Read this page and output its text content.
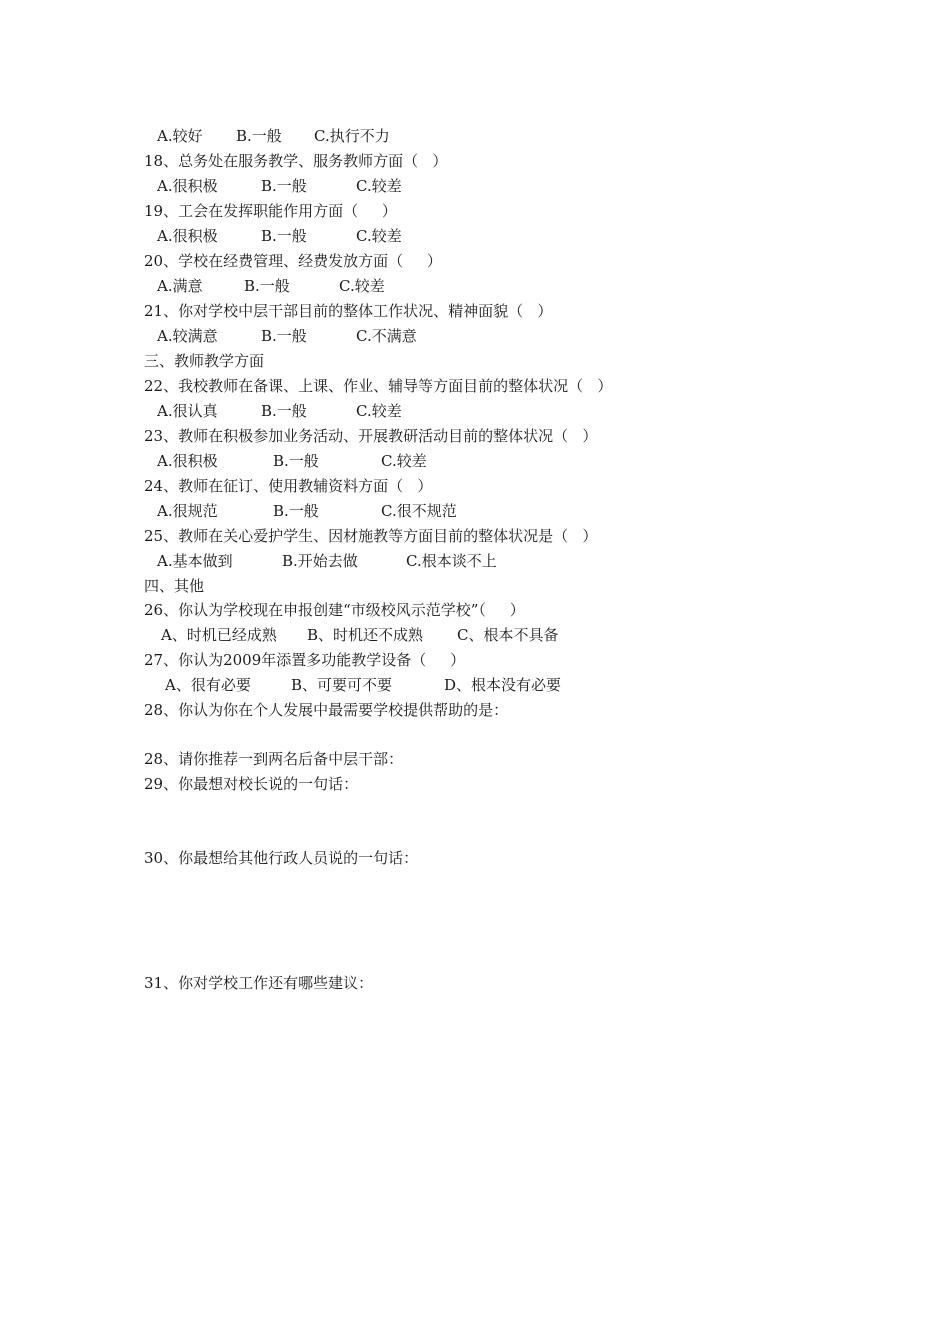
A.较好 B.一般 C.执行不力
18、总务处在服务教学、服务教师方面（   ）
A.很积极	B.一般	C.较差
19、工会在发挥职能作用方面（     ）
A.很积极	B.一般	C.较差
20、学校在经费管理、经费发放方面（     ）
A.满意	B.一般	C.较差
21、你对学校中层干部目前的整体工作状况、精神面貌（   ）
A.较满意	B.一般	C.不满意
三、教师教学方面
22、我校教师在备课、上课、作业、辅导等方面目前的整体状况（   ）
A.很认真	B.一般	C.较差
23、教师在积极参加业务活动、开展教研活动目前的整体状况（   ）
A.很积极	B.一般	C.较差
24、教师在征订、使用教辅资料方面（   ）
A.很规范	B.一般	C.很不规范
25、教师在关心爱护学生、因材施教等方面目前的整体状况是（   ）
A.基本做到	B.开始去做	C.根本谈不上
四、其他
26、你认为学校现在申报创建“市级校风示范学校”（     ）
A、时机已经成熟 B、时机还不成熟 C、根本不具备
27、你认为2009年添置多功能教学设备（     ）
A、很有必要	B、可要可不要	D、根本没有必要
28、你认为你在个人发展中最需要学校提供帮助的是：
28、请你推荐一到两名后备中层干部：
29、你最想对校长说的一句话：
30、你最想给其他行政人员说的一句话：
31、你对学校工作还有哪些建议：
